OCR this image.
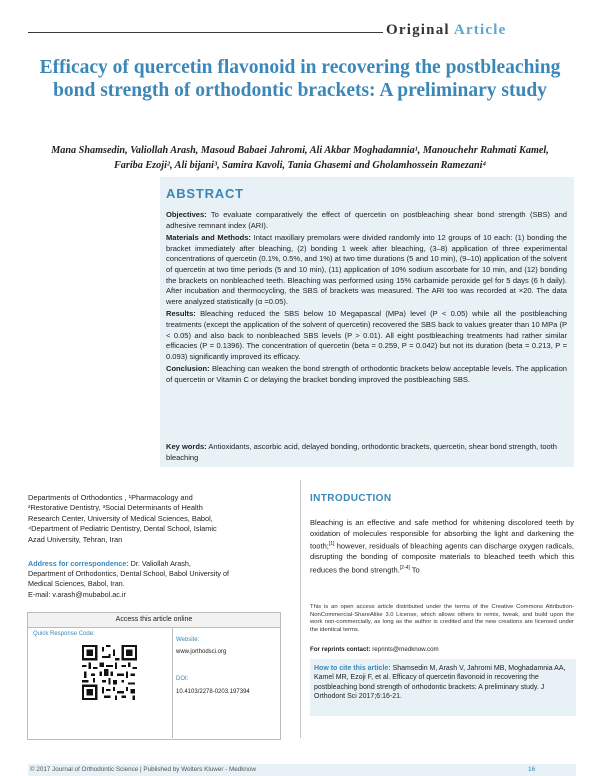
Original Article
Efficacy of quercetin flavonoid in recovering the postbleaching bond strength of orthodontic brackets: A preliminary study
Mana Shamsedin, Valiollah Arash, Masoud Babaei Jahromi, Ali Akbar Moghadamnia¹, Manouchehr Rahmati Kamel,
Fariba Ezoji², Ali bijani³, Samira Kavoli, Tania Ghasemi and Gholamhossein Ramezani⁴
ABSTRACT

Objectives: To evaluate comparatively the effect of quercetin on postbleaching shear bond strength (SBS) and adhesive remnant index (ARI).

Materials and Methods: Intact maxillary premolars were divided randomly into 12 groups of 10 each: (1) bonding the bracket immediately after bleaching, (2) bonding 1 week after bleaching, (3–8) application of three experimental concentrations of quercetin (0.1%, 0.5%, and 1%) at two time durations (5 and 10 min), (9–10) application of the solvent of quercetin at two time periods (5 and 10 min), (11) application of 10% sodium ascorbate for 10 min, and (12) bonding the brackets on nonbleached teeth. Bleaching was performed using 15% carbamide peroxide gel for 5 days (6 h daily). After incubation and thermocycling, the SBS of brackets was measured. The ARI too was recorded at ×20. The data were analyzed statistically (α =0.05).

Results: Bleaching reduced the SBS below 10 Megapascal (MPa) level (P < 0.05) while all the postbleaching treatments (except the application of the solvent of quercetin) recovered the SBS back to values greater than 10 MPa (P < 0.05) and also back to nonbleached SBS levels (P > 0.01). All eight postbleaching treatments had rather similar efficacies (P = 0.1396). The concentration of quercetin (beta = 0.259, P = 0.042) but not its duration (beta = 0.213, P = 0.093) significantly improved its efficacy.

Conclusion: Bleaching can weaken the bond strength of orthodontic brackets below acceptable levels. The application of quercetin or Vitamin C or delaying the bracket bonding improved the postbleaching SBS.

Key words: Antioxidants, ascorbic acid, delayed bonding, orthodontic brackets, quercetin, shear bond strength, tooth bleaching
Departments of Orthodontics , ¹Pharmacology and
²Restorative Dentistry, ³Social Determinants of Health
Research Center, University of Medical Sciences, Babol,
⁴Department of Pediatric Dentistry, Dental School, Islamic
Azad University, Tehran, Iran
Address for correspondence: Dr. Valiollah Arash,
Department of Orthodontics, Dental School, Babol University of
Medical Sciences, Babol, Iran.
E-mail: v.arash@mubabol.ac.ir
Access this article online
Quick Response Code:
Website:
www.jorthodsci.org
DOI:
10.4103/2278-0203.197394
INTRODUCTION
Bleaching is an effective and safe method for whitening discolored teeth by oxidation of molecules responsible for absorbing the light and darkening the tooth;[1] however, residuals of bleaching agents can discharge oxygen radicals, disrupting the bonding of composite materials to bleached teeth which this reduces the bond strength.[2-4] To
This is an open access article distributed under the terms of the Creative Commons Attribution-NonCommercial-ShareAlike 3.0 License, which allows others to remix, tweak, and build upon the work non-commercially, as long as the author is credited and the new creations are licensed under the identical terms.
For reprints contact: reprints@medknow.com
How to cite this article: Shamsedin M, Arash V, Jahromi MB, Moghadamnia AA, Kamel MR, Ezoji F, et al. Efficacy of quercetin flavonoid in recovering the postbleaching bond strength of orthodontic brackets: A preliminary study. J Orthodont Sci 2017;6:16-21.
© 2017 Journal of Orthodontic Science | Published by Wolters Kluwer - Medknow	16
